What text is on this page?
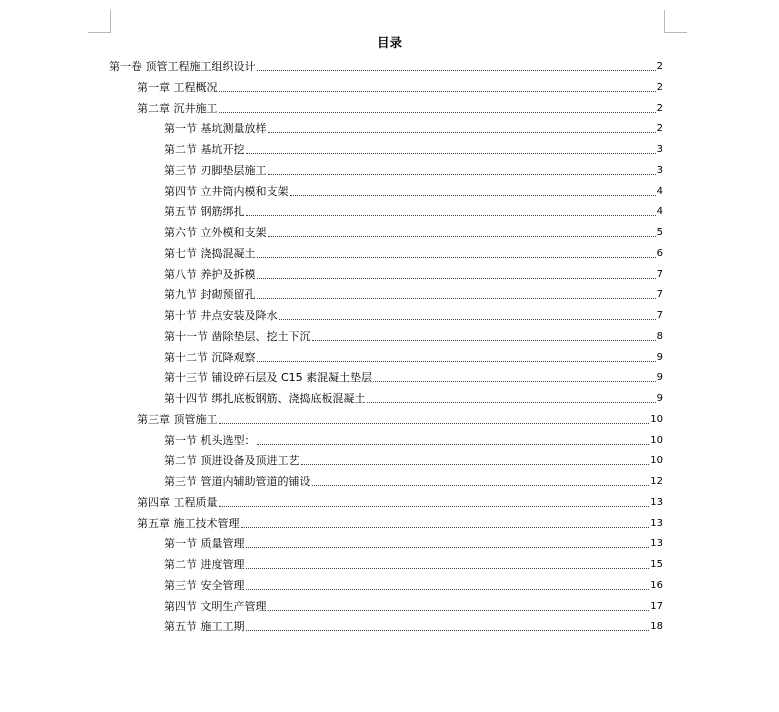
目录
第一卷 顶管工程施工组织设计	2
第一章 工程概况	2
第二章 沉井施工	2
第一节 基坑测量放样	2
第二节 基坑开挖	3
第三节 刃脚垫层施工	3
第四节 立井筒内模和支架	4
第五节 钢筋绑扎	4
第六节 立外模和支架	5
第七节 浇捣混凝土	6
第八节 养护及拆模	7
第九节 封砌预留孔	7
第十节 井点安装及降水	7
第十一节 凿除垫层、挖土下沉	8
第十二节 沉降观察	9
第十三节 铺设碎石层及 C15 素混凝土垫层	9
第十四节 绑扎底板钢筋、浇捣底板混凝土	9
第三章 顶管施工	10
第一节 机头选型：	10
第二节 顶进设备及顶进工艺	10
第三节 管道内辅助管道的铺设	12
第四章 工程质量	13
第五章 施工技术管理	13
第一节 质量管理	13
第二节 进度管理	15
第三节 安全管理	16
第四节 文明生产管理	17
第五节 施工工期	18
